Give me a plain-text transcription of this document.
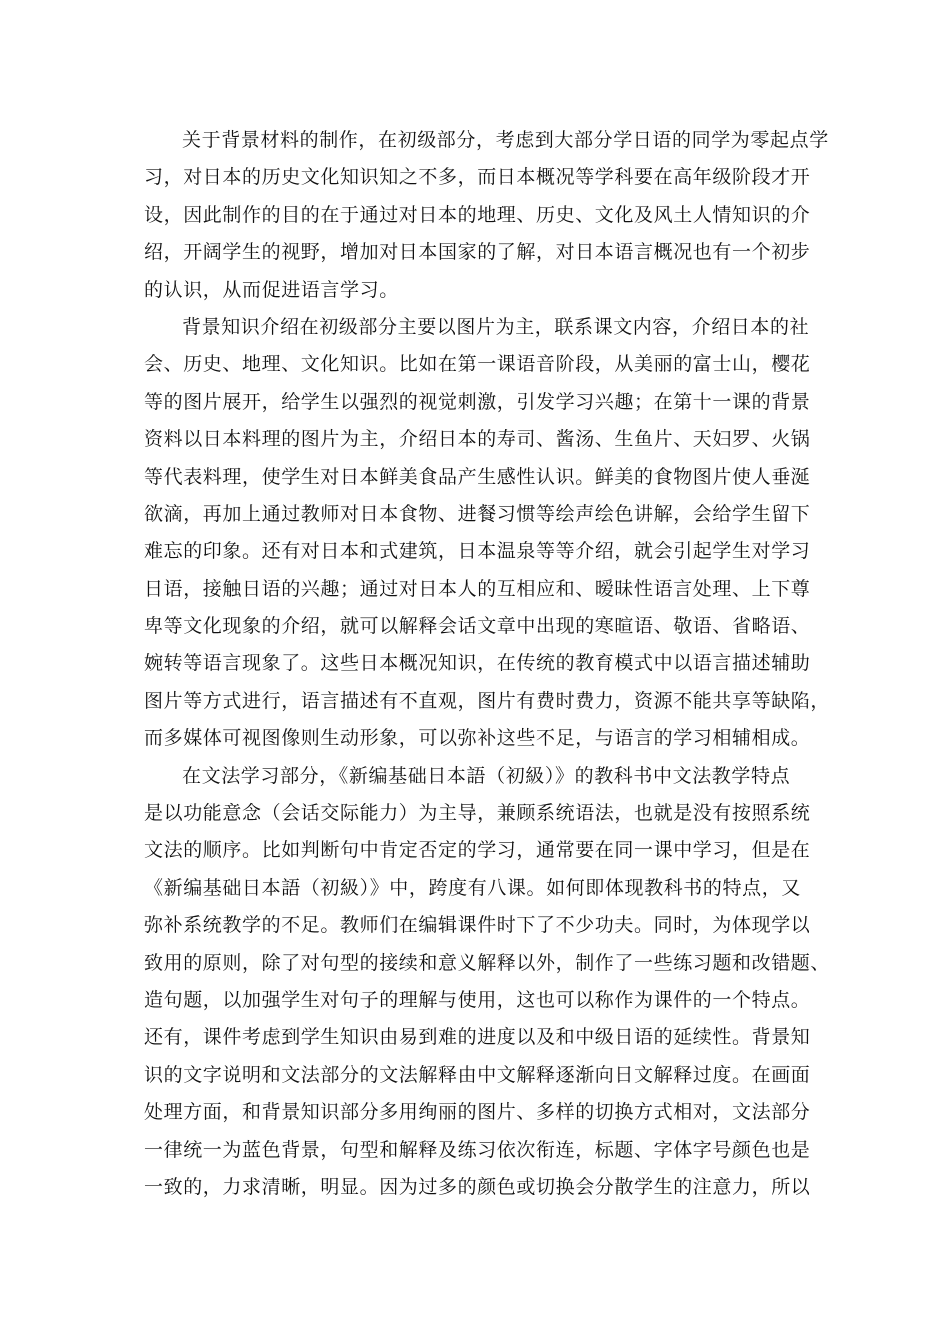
关于背景材料的制作，在初级部分，考虑到大部分学日语的同学为零起点学
习，对日本的历史文化知识知之不多，而日本概况等学科要在高年级阶段才开
设，因此制作的目的在于通过对日本的地理、历史、文化及风土人情知识的介
绍，开阔学生的视野，增加对日本国家的了解，对日本语言概况也有一个初步
的认识，从而促进语言学习。
背景知识介绍在初级部分主要以图片为主，联系课文内容，介绍日本的社
会、历史、地理、文化知识。比如在第一课语音阶段，从美丽的富士山，樱花
等的图片展开，给学生以强烈的视觉刺激，引发学习兴趣；在第十一课的背景
资料以日本料理的图片为主，介绍日本的寿司、酱汤、生鱼片、天妇罗、火锅
等代表料理，使学生对日本鲜美食品产生感性认识。鲜美的食物图片使人垂涎
欲滴，再加上通过教师对日本食物、进餐习惯等绘声绘色讲解，会给学生留下
难忘的印象。还有对日本和式建筑，日本温泉等等介绍，就会引起学生对学习
日语，接触日语的兴趣；通过对日本人的互相应和、暧昧性语言处理、上下尊
卑等文化现象的介绍，就可以解释会话文章中出现的寒暄语、敬语、省略语、
婉转等语言现象了。这些日本概况知识，在传统的教育模式中以语言描述辅助
图片等方式进行，语言描述有不直观，图片有费时费力，资源不能共享等缺陷，
而多媒体可视图像则生动形象，可以弥补这些不足，与语言的学习相辅相成。
在文法学习部分，《新编基础日本語（初級）》的教科书中文法教学特点
是以功能意念（会话交际能力）为主导，兼顾系统语法，也就是没有按照系统
文法的顺序。比如判断句中肯定否定的学习，通常要在同一课中学习，但是在
《新编基础日本語（初級）》中，跨度有八课。如何即体现教科书的特点，又
弥补系统教学的不足。教师们在编辑课件时下了不少功夫。同时，为体现学以
致用的原则，除了对句型的接续和意义解释以外，制作了一些练习题和改错题、
造句题，以加强学生对句子的理解与使用，这也可以称作为课件的一个特点。
还有，课件考虑到学生知识由易到难的进度以及和中级日语的延续性。背景知
识的文字说明和文法部分的文法解释由中文解释逐渐向日文解释过度。在画面
处理方面，和背景知识部分多用绚丽的图片、多样的切换方式相对，文法部分
一律统一为蓝色背景，句型和解释及练习依次衔连，标题、字体字号颜色也是
一致的，力求清晰，明显。因为过多的颜色或切换会分散学生的注意力，所以
